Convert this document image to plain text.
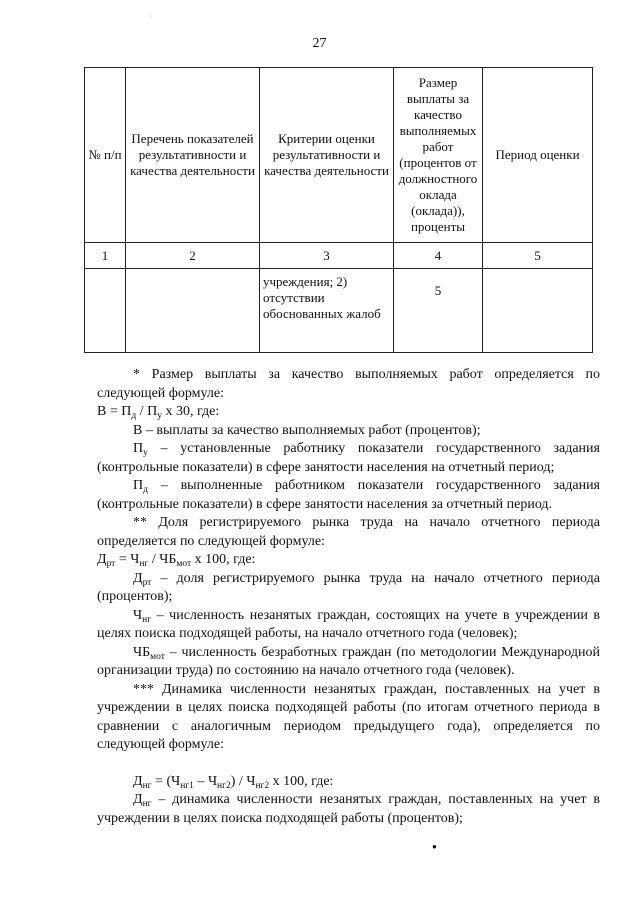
27
№ п/п	Перечень показателей результативности и качества деятельности	Критерии оценки результативности и качества деятельности	Размер выплаты за качество выполняемых работ (процентов от должностного оклада (оклада)), проценты	Период оценки
1	2	3	4	5
		учреждения; 2) отсутствии обоснованных жалоб	5	

* Размер выплаты за качество выполняемых работ определяется по следующей формуле:

$В = П_д / П_у$ х 30, где:

В – выплаты за качество выполняемых работ (процентов);

$П_у$ – установленные работнику показатели государственного задания (контрольные показатели) в сфере занятости населения на отчетный период;

$П_д$ – выполненные работником показатели государственного задания (контрольные показатели) в сфере занятости населения за отчетный период.

** Доля регистрируемого рынка труда на начало отчетного периода определяется по следующей формуле:

$Д_{рт} = Ч_{нг} / ЧБ_{мот}$ х 100, где:

$Д_{рт}$ – доля регистрируемого рынка труда на начало отчетного периода (процентов);

$Ч_{нг}$ – численность незанятых граждан, состоящих на учете в учреждении в целях поиска подходящей работы, на начало отчетного года (человек);

$ЧБ_{мот}$ – численность безработных граждан (по методологии Международной организации труда) по состоянию на начало отчетного года (человек).

*** Динамика численности незанятых граждан, поставленных на учет в учреждении в целях поиска подходящей работы (по итогам отчетного периода в сравнении с аналогичным периодом предыдущего года), определяется по следующей формуле:

$Д_{нг} = (Ч_{нг1} - Ч_{нг2}) / Ч_{нг2}$ х 100, где:

$Д_{нг}$ – динамика численности незанятых граждан, поставленных на учет в учреждении в целях поиска подходящей работы (процентов);

·
●
